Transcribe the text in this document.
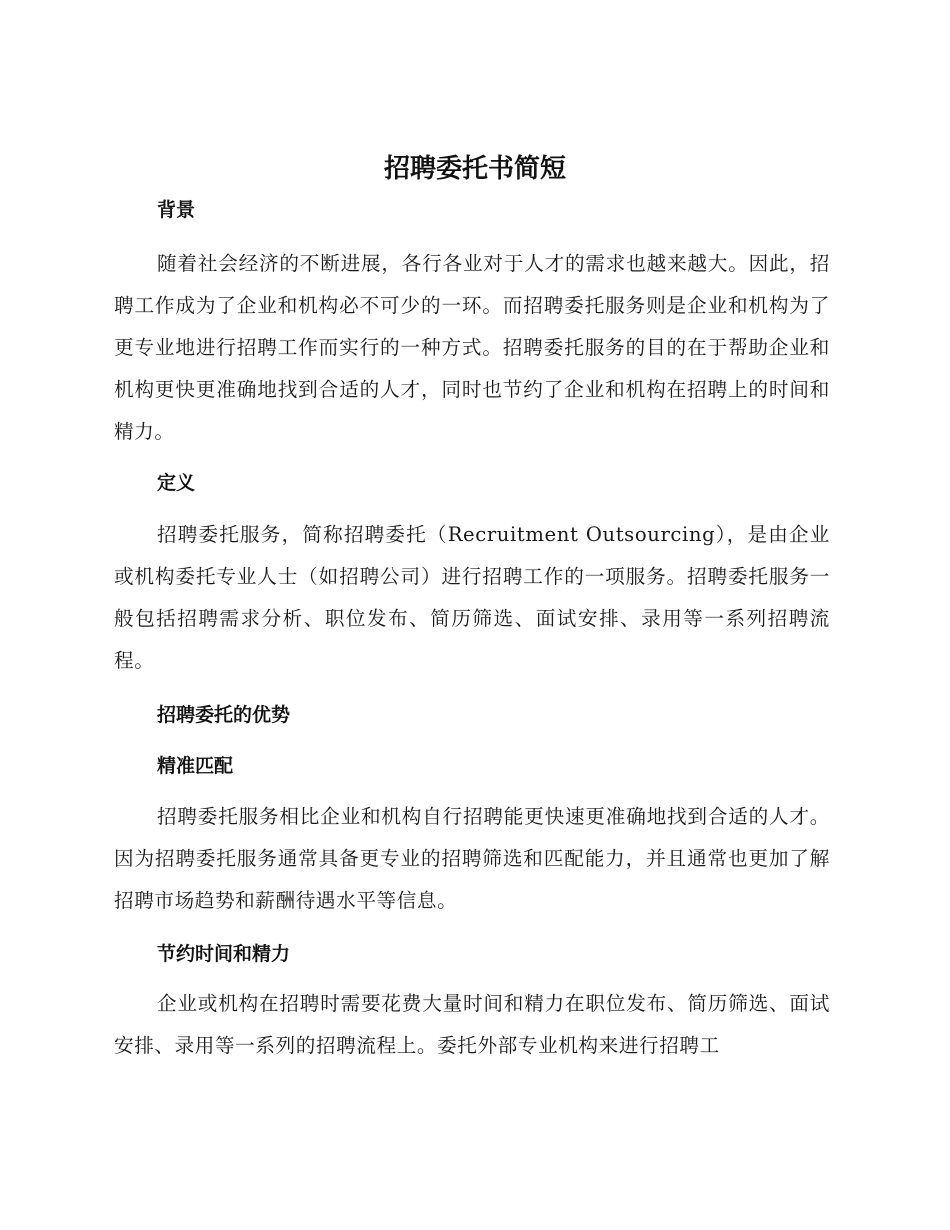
招聘委托书简短
背景

随着社会经济的不断进展，各行各业对于人才的需求也越来越大。因此，招聘工作成为了企业和机构必不可少的一环。而招聘委托服务则是企业和机构为了更专业地进行招聘工作而实行的一种方式。招聘委托服务的目的在于帮助企业和机构更快更准确地找到合适的人才，同时也节约了企业和机构在招聘上的时间和精力。

定义

招聘委托服务，简称招聘委托（Recruitment Outsourcing），是由企业或机构委托专业人士（如招聘公司）进行招聘工作的一项服务。招聘委托服务一般包括招聘需求分析、职位发布、简历筛选、面试安排、录用等一系列招聘流程。

招聘委托的优势
精准匹配

招聘委托服务相比企业和机构自行招聘能更快速更准确地找到合适的人才。因为招聘委托服务通常具备更专业的招聘筛选和匹配能力，并且通常也更加了解招聘市场趋势和薪酬待遇水平等信息。

节约时间和精力

企业或机构在招聘时需要花费大量时间和精力在职位发布、简历筛选、面试安排、录用等一系列的招聘流程上。委托外部专业机构来进行招聘工
